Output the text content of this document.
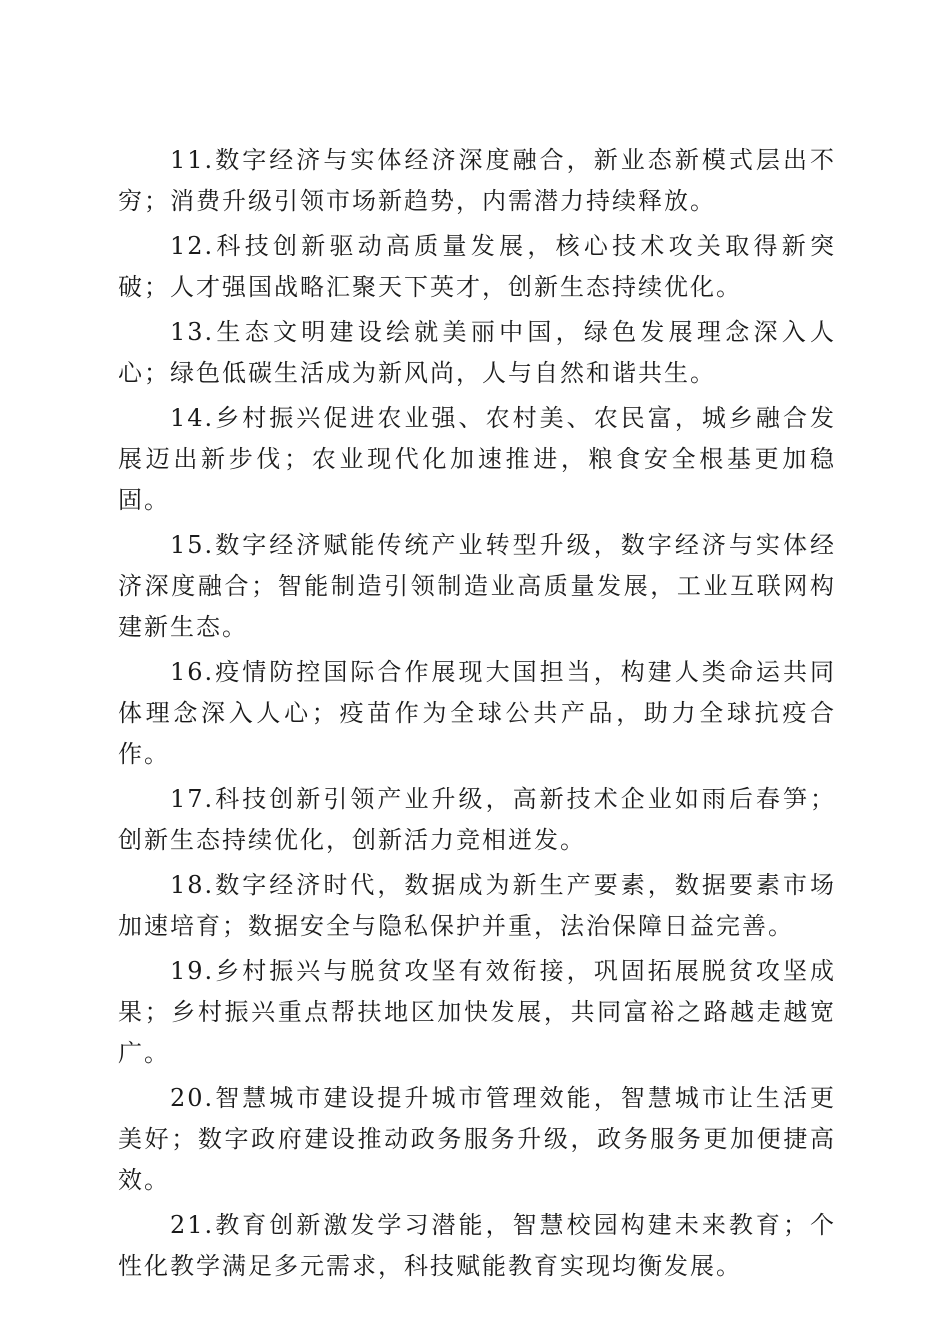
11.数字经济与实体经济深度融合，新业态新模式层出不穷；消费升级引领市场新趋势，内需潜力持续释放。

12.科技创新驱动高质量发展，核心技术攻关取得新突破；人才强国战略汇聚天下英才，创新生态持续优化。

13.生态文明建设绘就美丽中国，绿色发展理念深入人心；绿色低碳生活成为新风尚，人与自然和谐共生。

14.乡村振兴促进农业强、农村美、农民富，城乡融合发展迈出新步伐；农业现代化加速推进，粮食安全根基更加稳固。

15.数字经济赋能传统产业转型升级，数字经济与实体经济深度融合；智能制造引领制造业高质量发展，工业互联网构建新生态。

16.疫情防控国际合作展现大国担当，构建人类命运共同体理念深入人心；疫苗作为全球公共产品，助力全球抗疫合作。

17.科技创新引领产业升级，高新技术企业如雨后春笋；创新生态持续优化，创新活力竞相迸发。

18.数字经济时代，数据成为新生产要素，数据要素市场加速培育；数据安全与隐私保护并重，法治保障日益完善。

19.乡村振兴与脱贫攻坚有效衔接，巩固拓展脱贫攻坚成果；乡村振兴重点帮扶地区加快发展，共同富裕之路越走越宽广。

20.智慧城市建设提升城市管理效能，智慧城市让生活更美好；数字政府建设推动政务服务升级，政务服务更加便捷高效。

21.教育创新激发学习潜能，智慧校园构建未来教育；个性化教学满足多元需求，科技赋能教育实现均衡发展。
